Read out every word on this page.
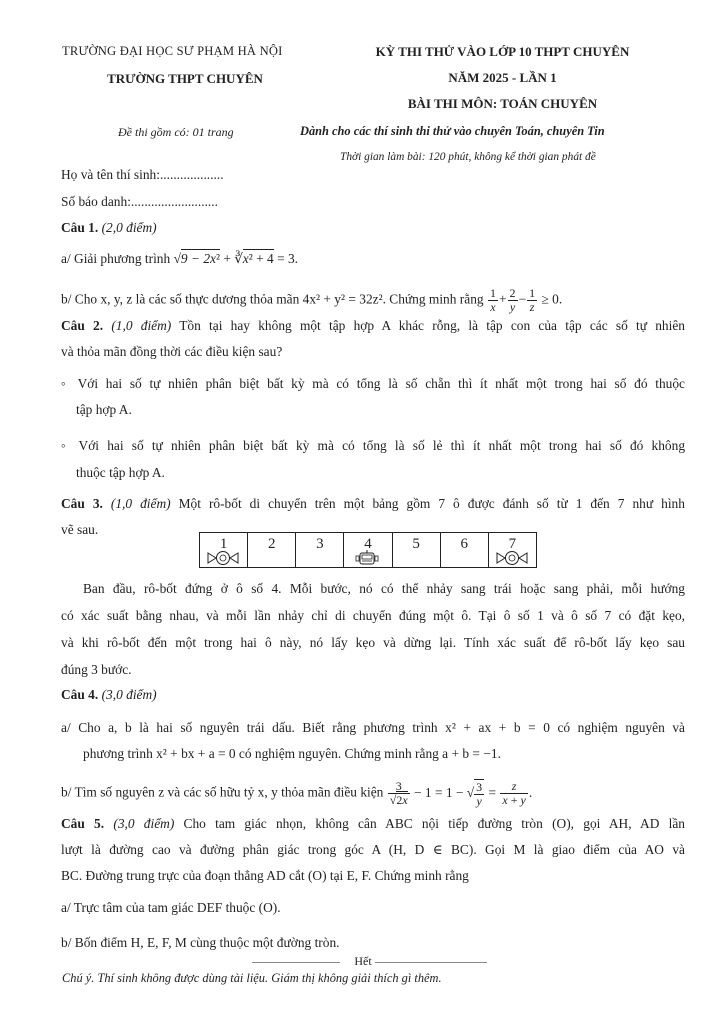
TRƯỜNG ĐẠI HỌC SƯ PHẠM HÀ NỘI
TRƯỜNG THPT CHUYÊN
KỲ THI THỬ VÀO LỚP 10 THPT CHUYÊN
NĂM 2025 - LẦN 1
BÀI THI MÔN: TOÁN CHUYÊN
Đề thi gồm có: 01 trang	Dành cho các thí sinh thi thử vào chuyên Toán, chuyên Tin
Thời gian làm bài: 120 phút, không kể thời gian phát đề
Họ và tên thí sinh:...................
Số báo danh:..........................
Câu 1. (2,0 điểm)
a/ Giải phương trình √9 − 2x² + ∛x² + 4 = 3.
b/ Cho x, y, z là các số thực dương thỏa mãn 4x² + y² = 32z². Chứng minh rằng $\frac{1}{x} + \frac{2}{y} - \frac{1}{z} \ge 0$.
Câu 2. (1,0 điểm) Tồn tại hay không một tập hợp A khác rỗng, là tập con của tập các số tự nhiên
và thỏa mãn đồng thời các điều kiện sau?
◦ Với hai số tự nhiên phân biệt bất kỳ mà có tổng là số chẵn thì ít nhất một trong hai số đó thuộc
tập hợp A.
◦ Với hai số tự nhiên phân biệt bất kỳ mà có tổng là số lẻ thì ít nhất một trong hai số đó không
thuộc tập hợp A.
Câu 3. (1,0 điểm) Một rô-bốt di chuyển trên một bảng gồm 7 ô được đánh số từ 1 đến 7 như hình
vẽ sau.
1	2	3	4	5	6	7
Ban đầu, rô-bốt đứng ở ô số 4. Mỗi bước, nó có thể nhảy sang trái hoặc sang phải, mỗi hướng
có xác suất bằng nhau, và mỗi lần nhảy chỉ di chuyển đúng một ô. Tại ô số 1 và ô số 7 có đặt kẹo,
và khi rô-bốt đến một trong hai ô này, nó lấy kẹo và dừng lại. Tính xác suất để rô-bốt lấy kẹo sau
đúng 3 bước.
Câu 4. (3,0 điểm)
a/ Cho a, b là hai số nguyên trái dấu. Biết rằng phương trình x² + ax + b = 0 có nghiệm nguyên và
phương trình x² + bx + a = 0 có nghiệm nguyên. Chứng minh rằng a + b = −1.
b/ Tìm số nguyên z và các số hữu tỷ x, y thỏa mãn điều kiện $\frac{3}{√2x} - 1 = 1$ − √ $\frac{3}{y} = \frac{z}{x + y}$ .
Câu 5. (3,0 điểm) Cho tam giác nhọn, không cân ABC nội tiếp đường tròn (O), gọi AH, AD lần
lượt là đường cao và đường phân giác trong góc A (H, D ∈ BC). Gọi M là giao điểm của AO và
BC. Đường trung trực của đoạn thẳng AD cắt (O) tại E, F. Chứng minh rằng
a/ Trực tâm của tam giác DEF thuộc (O).
b/ Bốn điểm H, E, F, M cùng thuộc một đường tròn.
Hết
Chú ý. Thí sinh không được dùng tài liệu. Giám thị không giải thích gì thêm.
